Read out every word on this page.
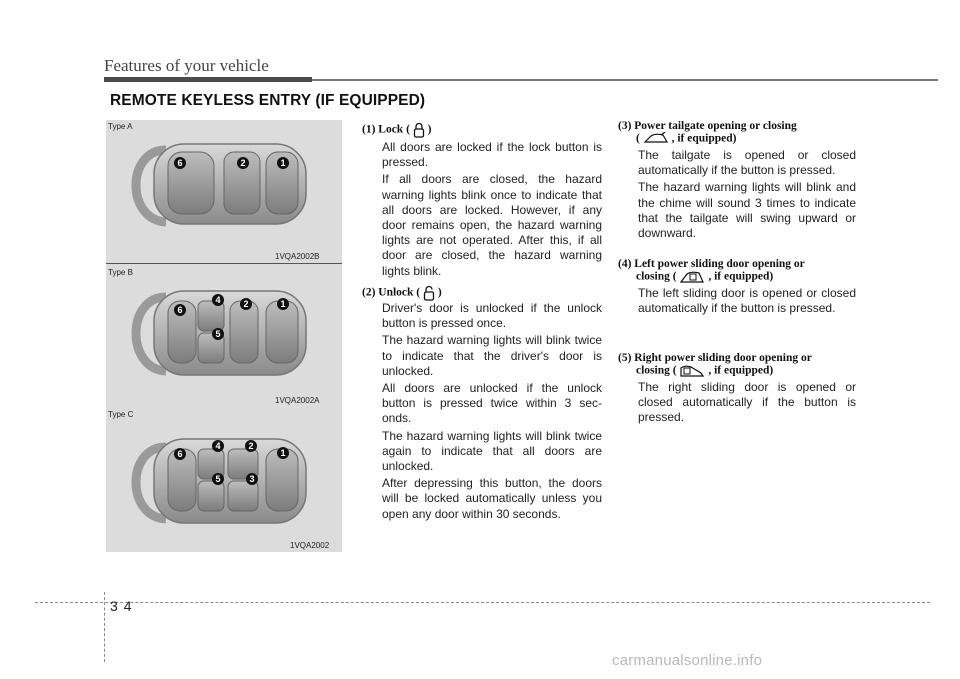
Features of your vehicle
REMOTE KEYLESS ENTRY (IF EQUIPPED)
Type A
1VQA2002B
Type B
1VQA2002A
Type C
1VQA2002
6	2	1
6
4	2	1
5
6
4	2
1
5	3
(1) Lock ( )
All doors are locked if the lock button is pressed.
If all doors are closed, the hazard warning lights blink once to indicate that all doors are locked. However, if any door remains open, the hazard warning lights are not operated. After this, if all door are closed, the hazard warning lights blink.
(2) Unlock ( )
Driver's door is unlocked if the unlock button is pressed once.
The hazard warning lights will blink twice to indicate that the driver's door is unlocked.
All doors are unlocked if the unlock button is pressed twice within 3 sec-onds.
The hazard warning lights will blink twice again to indicate that all doors are unlocked.
After depressing this button, the doors will be locked automatically unless you open any door within 30 seconds.
(3) Power tailgate opening or closing
(	, if equipped)
The tailgate is opened or closed automatically if the button is pressed.
The hazard warning lights will blink and the chime will sound 3 times to indicate that the tailgate will swing upward or downward.
(4) Left power sliding door opening or
closing (	, if equipped)
The left sliding door is opened or closed automatically if the button is pressed.
(5) Right power sliding door opening or
closing (	, if equipped)
The right sliding door is opened or closed automatically if the button is pressed.
34
carmanualsonline.info
